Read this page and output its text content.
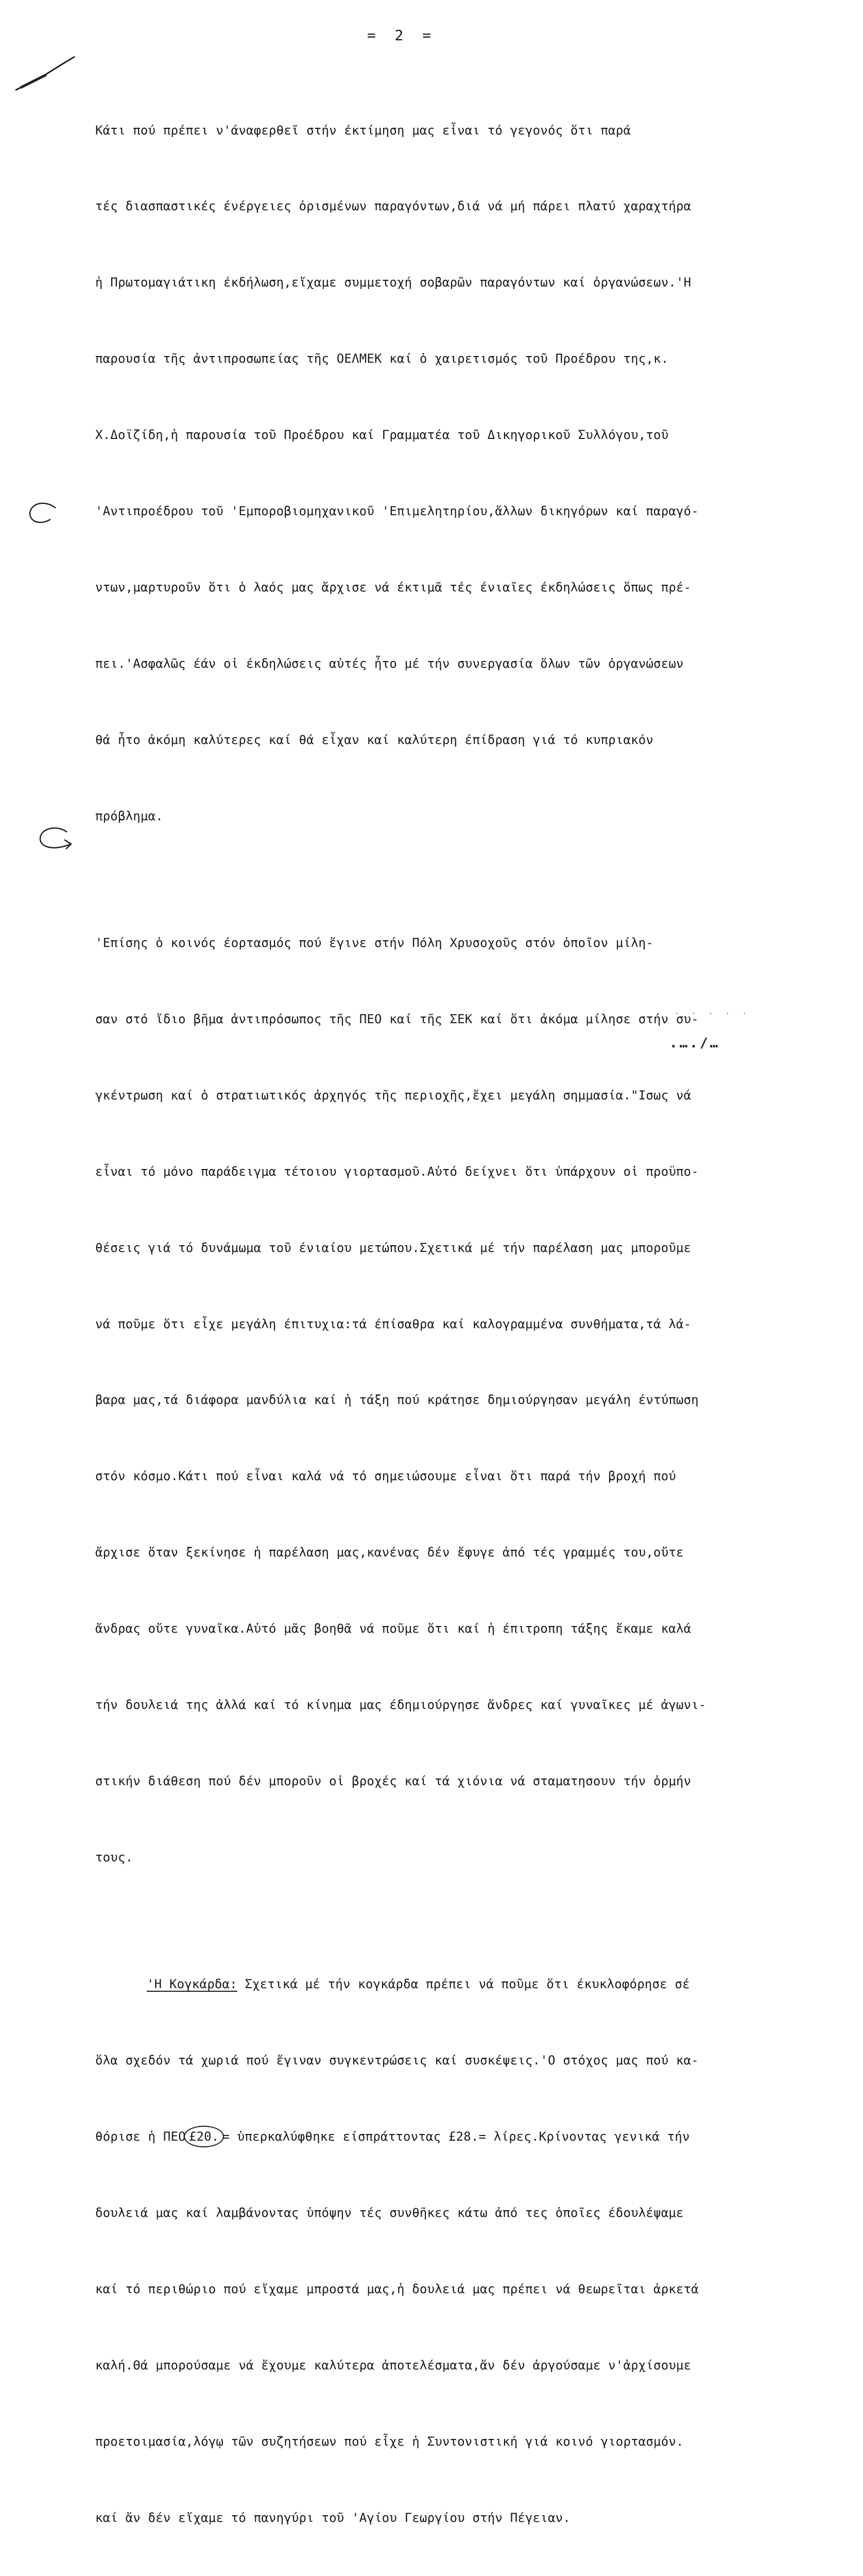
= 2 =

Κάτι πού πρέπει ν'άναφερθεῖ στήν έκτίμηση μας εἶναι τό γεγονός ὅτι παρά

τές διασπαστικές ένέργειες ὁρισμένων παραγόντων,διά νά μή πάρει πλατύ χαραχτήρα

ἡ Πρωτομαγιάτικη έκδήλωση,εἴχαμε συμμετοχή σοβαρῶν παραγόντων καί ὀργανώσεων.'Η

παρουσία τῆς ἀντιπροσωπείας τῆς ΟΕΛΜΕΚ καί ὁ χαιρετισμός τοῦ Προέδρου της,κ.

Χ.Δοϊζίδη,ἡ παρουσία τοῦ Προέδρου καί Γραμματέα τοῦ Δικηγορικοῦ Συλλόγου,τοῦ

'Αντιπροέδρου τοῦ 'Εμποροβιομηχανικοῦ 'Επιμελητηρίου,ἄλλων δικηγόρων καί παραγό-

ντων,μαρτυροῦν ὅτι ὁ λαός μας ἄρχισε νά έκτιμᾶ τές ένιαῖες έκδηλώσεις ὅπως πρέ-

πει.'Ασφαλῶς έάν οἱ έκδηλώσεις αὐτές ἦτο μέ τήν συνεργασία ὅλων τῶν ὀργανώσεων

θά ἦτο ἀκόμη καλύτερες καί θά εἶχαν καί καλύτερη έπίδραση γιά τό κυπριακόν

πρόβλημα.

'Επίσης ὁ κοινός έορτασμός πού ἔγινε στήν Πόλη Χρυσοχοῦς στόν ὁποῖον μίλη-

σαν στό ἴδιο βῆμα ἀντιπρόσωπος τῆς ΠΕΟ καί τῆς ΣΕΚ καί ὅτι ἀκόμα μίλησε στήν συ-

γκέντρωση καί ὁ στρατιωτικός ἀρχηγός τῆς περιοχῆς,ἔχει μεγάλη σημμασία."Ισως νά

εἶναι τό μόνο παράδειγμα τέτοιου γιορτασμοῦ.Αὐτό δείχνει ὅτι ὑπάρχουν οἱ προϋπο-

θέσεις γιά τό δυνάμωμα τοῦ ένιαίου μετώπου.Σχετικά μέ τήν παρέλαση μας μποροῦμε

νά ποῦμε ὅτι εἶχε μεγάλη έπιτυχια:τά έπίσαθρα καί καλογραμμένα συνθήματα,τά λά-

βαρα μας,τά διάφορα μανδύλια καί ἡ τάξη πού κράτησε δημιούργησαν μεγάλη έντύπωση

στόν κόσμο.Κάτι πού εἶναι καλά νά τό σημειώσουμε εἶναι ὅτι παρά τήν βροχή πού

ἄρχισε ὅταν ξεκίνησε ἡ παρέλαση μας,κανένας δέν ἔφυγε ἀπό τές γραμμές του,οὔτε

ἄνδρας οὔτε γυναῖκα.Αὐτό μᾶς βοηθᾶ νά ποῦμε ὅτι καί ἡ έπιτροπη τάξης ἔκαμε καλά

τήν δουλειά της ἀλλά καί τό κίνημα μας έδημιούργησε ἄνδρες καί γυναῖκες μέ ἀγωνι-

στικήν διάθεση πού δέν μποροῦν οἱ βροχές καί τά χιόνια νά σταματησουν τήν ὁρμήν

τους.

'Η Κογκάρδα: Σχετικά μέ τήν κογκάρδα πρέπει νά ποῦμε ὅτι έκυκλοφόρησε σέ

ὅλα σχεδόν τά χωριά πού ἔγιναν συγκεντρώσεις καί συσκέψεις.'Ο στόχος μας πού κα-

θόρισε ἡ ΠΕΟ £20. = ὑπερκαλύφθηκε είσπράττοντας £28.= λίρες.Κρίνοντας γενικά τήν

δουλειά μας καί λαμβάνοντας ὑπόψην τές συνθῆκες κάτω ἀπό τες ὁποῖες έδουλέψαμε

καί τό περιθώριο πού εἴχαμε μπροστά μας,ἡ δουλειά μας πρέπει νά θεωρεῖται ἀρκετά

καλή.Θά μπορούσαμε νά ἔχουμε καλύτερα ἀποτελέσματα,ἄν δέν ἀργούσαμε ν'ἀρχίσουμε

προετοιμασία,λόγῳ τῶν συζητήσεων πού εἶχε ἡ Συντονιστική γιά κοινό γιορτασμόν.

καί ἄν δέν εἴχαμε τό πανηγύρι τοῦ 'Αγίου Γεωργίου στήν Πέγειαν.

· · · · ·
.…./…
